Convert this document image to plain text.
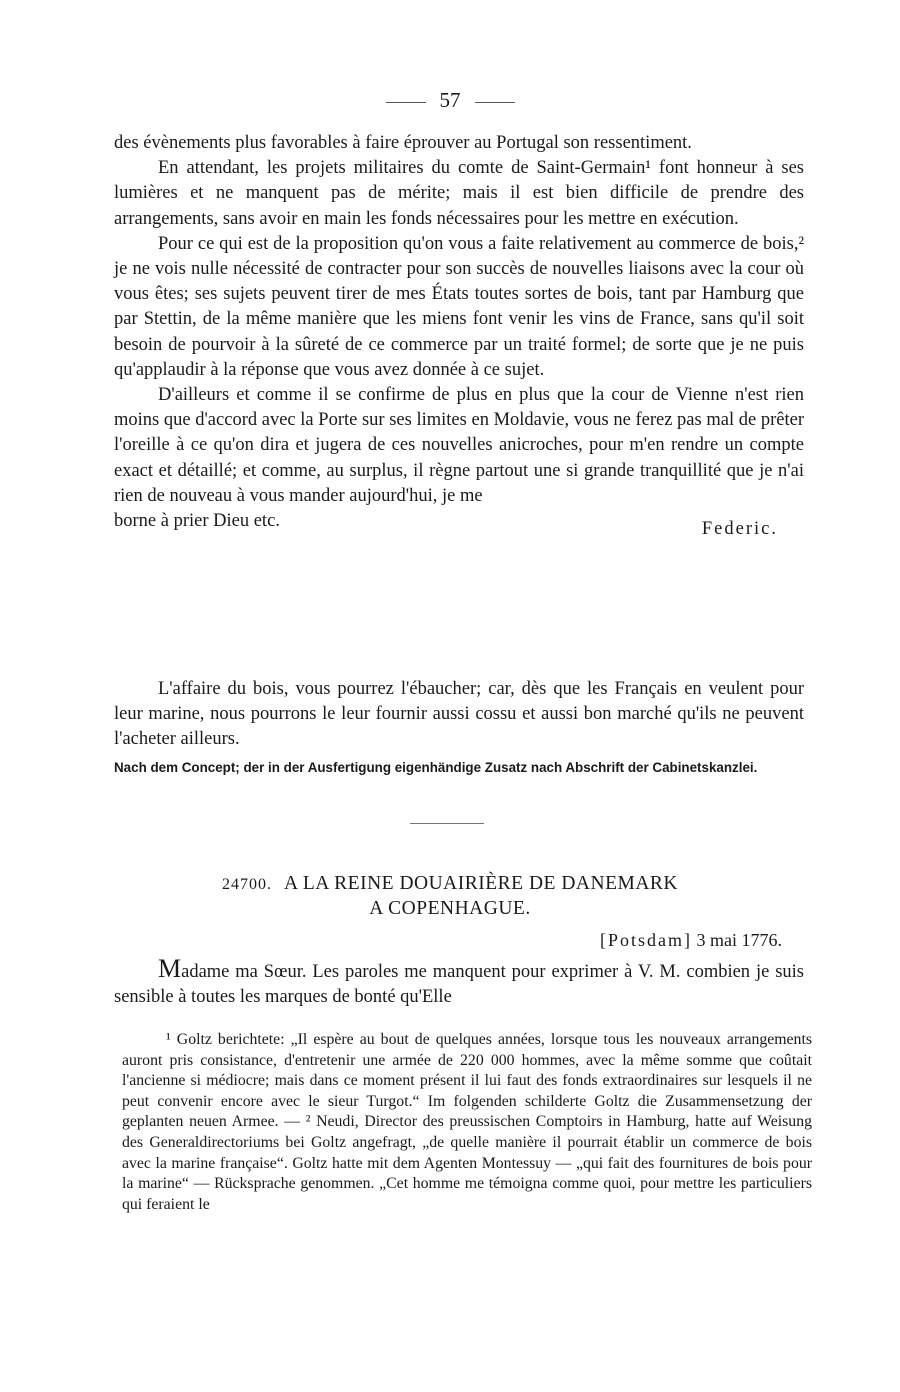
57

des évènements plus favorables à faire éprouver au Portugal son ressentiment.

En attendant, les projets militaires du comte de Saint-Germain¹ font honneur à ses lumières et ne manquent pas de mérite; mais il est bien difficile de prendre des arrangements, sans avoir en main les fonds nécessaires pour les mettre en exécution.

Pour ce qui est de la proposition qu'on vous a faite relativement au commerce de bois,² je ne vois nulle nécessité de contracter pour son succès de nouvelles liaisons avec la cour où vous êtes; ses sujets peuvent tirer de mes États toutes sortes de bois, tant par Hamburg que par Stettin, de la même manière que les miens font venir les vins de France, sans qu'il soit besoin de pourvoir à la sûreté de ce commerce par un traité formel; de sorte que je ne puis qu'applaudir à la réponse que vous avez donnée à ce sujet.

D'ailleurs et comme il se confirme de plus en plus que la cour de Vienne n'est rien moins que d'accord avec la Porte sur ses limites en Moldavie, vous ne ferez pas mal de prêter l'oreille à ce qu'on dira et jugera de ces nouvelles anicroches, pour m'en rendre un compte exact et détaillé; et comme, au surplus, il règne partout une si grande tranquillité que je n'ai rien de nouveau à vous mander aujourd'hui, je me

borne à prier Dieu etc.	Federic.

L'affaire du bois, vous pourrez l'ébaucher; car, dès que les Français en veulent pour leur marine, nous pourrons le leur fournir aussi cossu et aussi bon marché qu'ils ne peuvent l'acheter ailleurs.

Nach dem Concept; der in der Ausfertigung eigenhändige Zusatz nach Abschrift der Cabinetskanzlei.
24700. A LA REINE DOUAIRIÈRE DE DANEMARK
A COPENHAGUE.
[Potsdam] 3 mai 1776.

Madame ma Sœur. Les paroles me manquent pour exprimer à V. M. combien je suis sensible à toutes les marques de bonté qu'Elle

¹ Goltz berichtete: „Il espère au bout de quelques années, lorsque tous les nouveaux arrangements auront pris consistance, d'entretenir une armée de 220 000 hommes, avec la même somme que coûtait l'ancienne si médiocre; mais dans ce moment présent il lui faut des fonds extraordinaires sur lesquels il ne peut convenir encore avec le sieur Turgot.“ Im folgenden schilderte Goltz die Zusammensetzung der geplanten neuen Armee. — ² Neudi, Director des preussischen Comptoirs in Hamburg, hatte auf Weisung des Generaldirectoriums bei Goltz angefragt, „de quelle manière il pourrait établir un commerce de bois avec la marine française“. Goltz hatte mit dem Agenten Montessuy — „qui fait des fournitures de bois pour la marine“ — Rücksprache genommen. „Cet homme me témoigna comme quoi, pour mettre les particuliers qui feraient le
